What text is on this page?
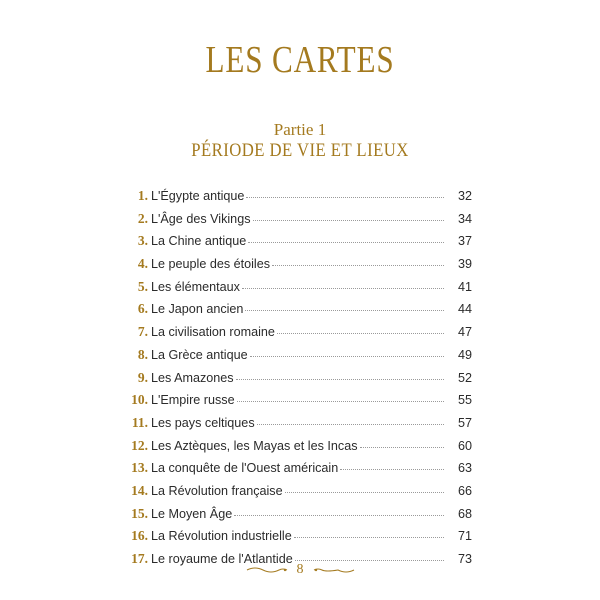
LES CARTES
Partie 1
PÉRIODE DE VIE ET LIEUX
1. L'Égypte antique	32
2. L'Âge des Vikings	34
3. La Chine antique	37
4. Le peuple des étoiles	39
5. Les élémentaux	41
6. Le Japon ancien	44
7. La civilisation romaine	47
8. La Grèce antique	49
9. Les Amazones	52
10. L'Empire russe	55
11. Les pays celtiques	57
12. Les Aztèques, les Mayas et les Incas	60
13. La conquête de l'Ouest américain	63
14. La Révolution française	66
15. Le Moyen Âge	68
16. La Révolution industrielle	71
17. Le royaume de l'Atlantide	73
8
